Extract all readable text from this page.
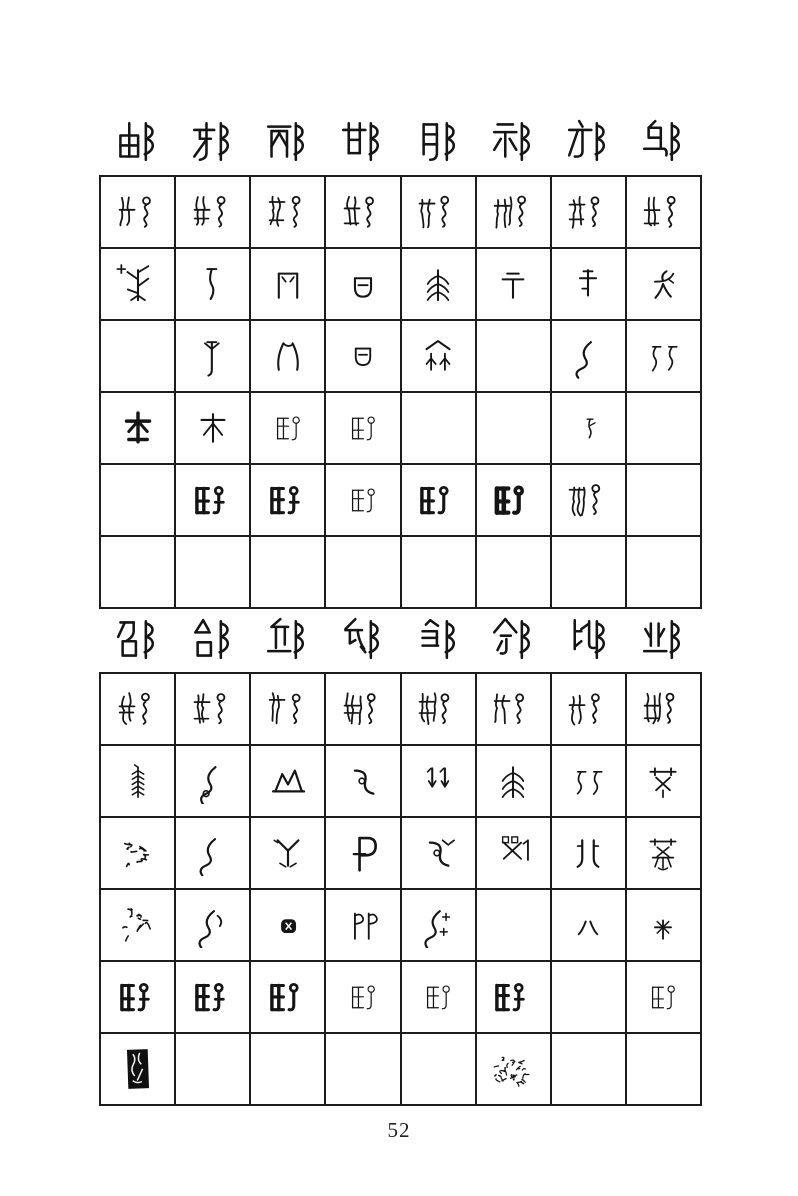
52
